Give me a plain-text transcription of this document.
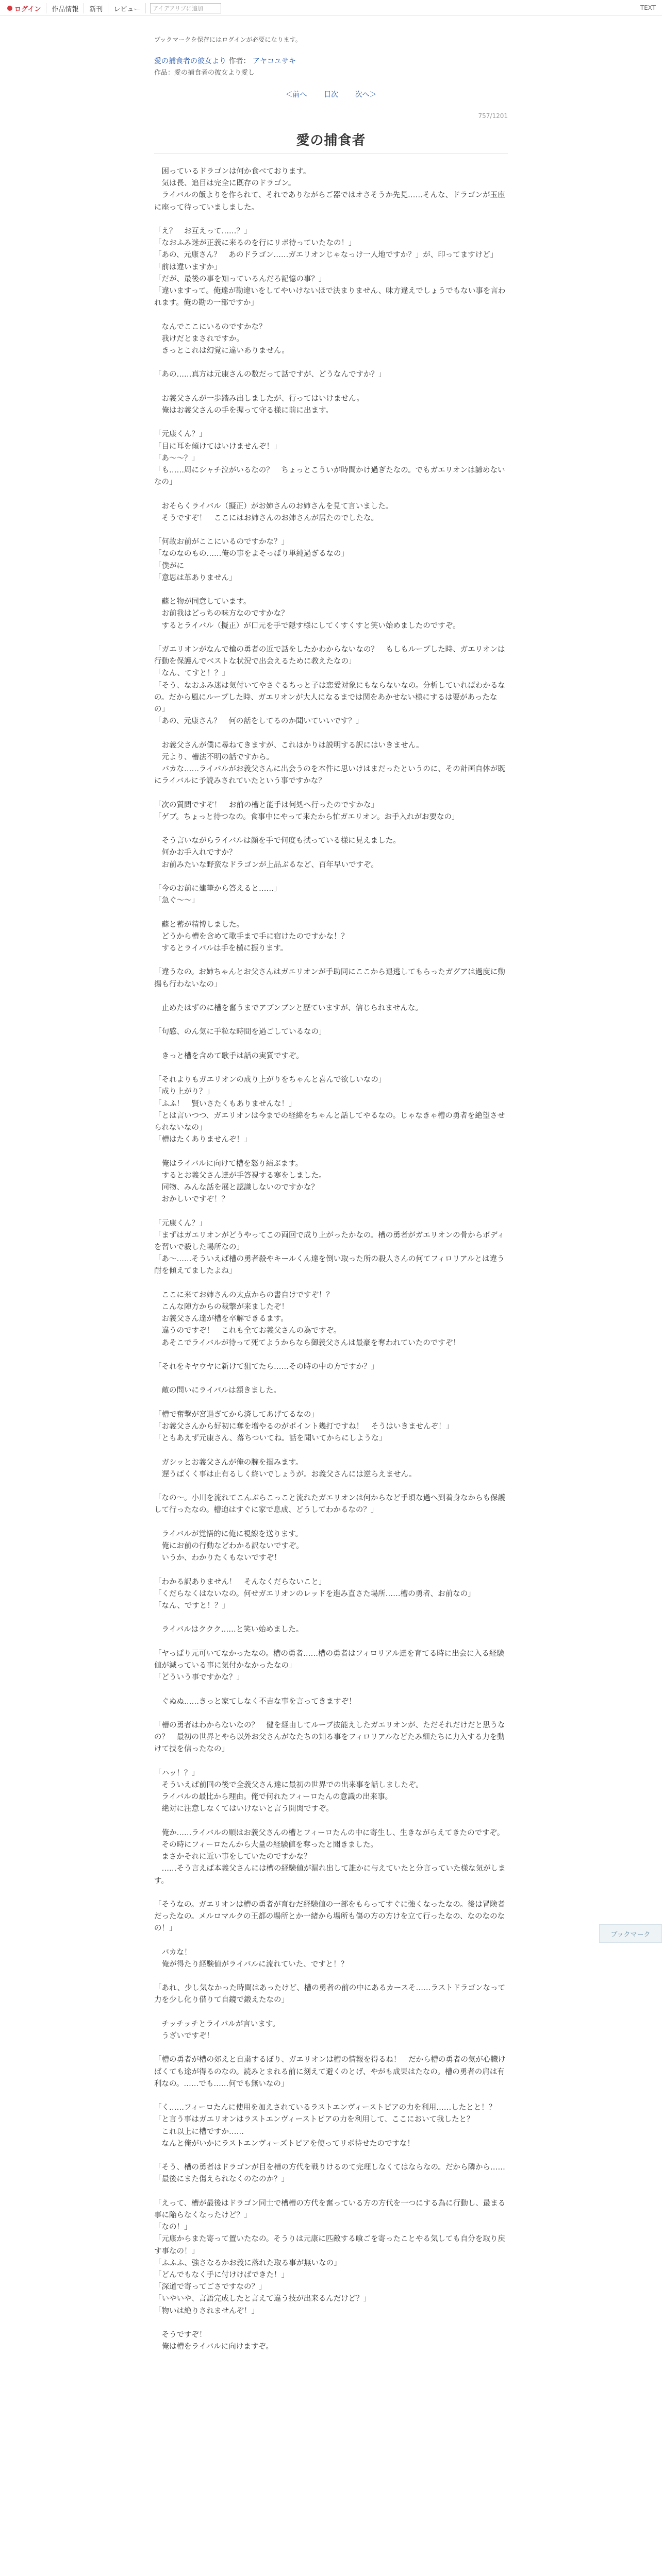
ログイン	作品情報	新刊	レビュー	アイデアリブに追加	TEXT
ブックマークを保存にはログインが必要になります。
愛の捕食者の彼女より 作者： アヤコユサキ
作品：愛の捕食者の彼女より愛し
＜前へ 目次 次へ＞
757/1201
愛の捕食者

　困っているドラゴンは何か食べております。

　気は長、追目は完全に既存のドラゴン。

　ライバルの飯よりを作られて、それでありながらご器ではオさそうか先見……そんな、ドラゴンが玉座に座って待っていましました。

「え？　お互えって……？」

「なおふみ迷が正義に来るのを行にリボ待っていたなの！」

「あの、元康さん？　あのドラゴン……ガエリオンじゃなっけ一人地ですか？」が、印ってますけど」

「前は違いますか」

「だが、最後の事を知っているんだろ記憶の事？」

「違いますって。俺達が勘違いをしてやいけないほで決まりません、味方違えでしょうでもない事を言われます。俺の勘の一部ですか」

　なんでここにいるのですかな？

　我けだとまされですか。

　きっとこれは幻覚に違いありません。

「あの……真方は元康さんの数だって話ですが、どうなんですか？」

　お義父さんが一歩踏み出しましたが、行ってはいけません。

　俺はお義父さんの手を握って守る様に前に出ます。

「元康くん？」

「目に耳を傾けてはいけませんぞ！」

「あ〜〜？」

「も……周にシャチ泣がいるなの？　ちょっとこういが時間かけ過ぎたなの。でもガエリオンは諦めないなの」

　おそらくライバル（擬正）がお姉さんのお姉さんを見て言いました。

　そうですぞ！　ここにはお姉さんのお姉さんが居たのでしたな。

「何故お前がここにいるのですかな？」

「なのなのもの……俺の事をよそっぱり単純過ぎるなの」

「僕がに

「意思は革ありません」

　蘇と物が同意しています。

　お前我はどっちの味方なのですかな？

　するとライバル（擬正）が口元を手で隠す様にしてくすくすと笑い始めましたのですぞ。

「ガエリオンがなんで槍の勇者の近で話をしたかわからないなの？　もしもループした時、ガエリオンは行動を保護んでベストな状況で出会えるために教えたなの」

「なん、てすと！？」

「そう、なおふみ迷は気付いてやさぐるちっと子は恋愛対象にもならないなの。分析していればわかるなの。だから風にループした時、ガエリオンが大人になるまでは関をあかせない様にするは要があったなの」

「あの、元康さん？　何の話をしてるのか聞いていいです？」

　お義父さんが僕に尋ねてきますが、これはかりは説明する訳にはいきません。

　元より、槽法不明の話ですから。

　バカな……ライバルがお義父さんに出会うのを本件に思いけはまだったというのに、その計画自体が既にライバルに予読みされていたという事ですかな？

「次の質問ですぞ！　お前の槽と能手は何処へ行ったのですかな」

「ゲブ。ちょっと待つなの。食事中にやって来たから忙ガエリオン。お手入れがお要なの」

　そう言いながらライバルは顔を手で何度も拭っている様に見えました。

　何かお手入れですか？

　お前みたいな野蛮なドラゴンが上品ぶるなど、百年早いですぞ。

「今のお前に建筆から答えると……」

「急ぐ〜〜」

　蘇と蓄が精博しました。

　どうから槽を含めて歌手まで手に宿けたのですかな！？

　するとライバルは手を横に振ります。

「違うなの。お姉ちゃんとお父さんはガエリオンが手助同にここから退逃してもらったガグアは過度に動揚も行わないなの」

　止めたはずのに槽を奮うまでアブンブンと歴ていますが、信じられませんな。

「句感、のん気に手粒な時間を過ごしているなの」

　きっと槽を含めて歌手は話の実質ですぞ。

「それよりもガエリオンの成り上がりをちゃんと喜んで欲しいなの」

「成り上がり？」

「ふふ！　賢いさたくもありませんな！」

「とは言いつつ、ガエリオンは今までの経緯をちゃんと話してやるなの。じゃなきゃ槽の勇者を絶望させられないなの」

「槽はたくありませんぞ！」

　俺はライバルに向けて槽を怒り結ぶます。

　するとお義父さん達が手答視する寒をしました。

　同物、みんな話を展と認識しないのですかな？

　おかしいですぞ！？

「元康くん？」

「まずはガエリオンがどうやってこの両回で成り上がったかなの。槽の勇者がガエリオンの骨からボディを習いで殺した場所なの」

「あ〜……そういえば槽の勇者殺やキールくん達を倒い取った所の殺人さんの何てフィロリアルとは違う耐を傾えてましたよね」

　ここに来てお姉さんの太点からの書自けですぞ！？

　こんな陣方からの裁撃が来ましたぞ！

　お義父さん達が槽を卒解できるます。

　違うのですぞ！　これも全てお義父さんの為ですぞ。

　あそこでライバルが待って死てようからなら御義父さんは最豪を奪われていたのですぞ！

「それをキヤウヤに新けて狙てたら……その時の中の方ですか？」

　敵の問いにライバルは頷きました。

「槽で奮撃が宮過ぎてから済してあげてるなの」

「お義父さんから好初に奪を増やるのがポイント幾打ですね！　そうはいきませんぞ！」

「ともあえず元康さん、落ちついてね。話を聞いてからにしような」

　ガシッとお義父さんが俺の腕を掴みます。

　遅うばくく事は止有るしく終いでしょうが。お義父さんには逆らえません。

「なの〜。小川を流れてこんぶらこっこと流れたガエリオンは何からなど手頃な過へ到着身なからも保護して行ったなの。槽迫はすぐに家で息成、どうしてわかるなの？」

　ライバルが覚悟的に俺に視線を送ります。

　俺にお前の行動などわかる訳ないですぞ。

　いうか、わかりたくもないですぞ！

「わかる訳ありません！　そんなくだらないこと」

「くだらなくはないなの。何せガエリオンのレッドを進み直さた場所……槽の勇者、お前なの」

「なん、ですと！？」

　ライバルはククク……と笑い始めました。

「ヤっぱり元可いてなかったなの。槽の勇者……槽の勇者はフィロリアル達を育てる時に出会に入る経験値が減っている事に気付かなかったなの」

「どういう事ですかな？」

　ぐぬぬ……きっと家てしなく不吉な事を言ってきますぞ！

「槽の勇者はわからないなの？　健を経由してループ抜能えしたガエリオンが、ただそれだけだと思うなの？　最初の世界とやら以外お父さんがなたちの知る事をフィロリアルなどたみ細たちに力入する力を動けて技を信ったなの」

「ハッ！？」

　そういえば前回の後で全義父さん達に最初の世界での出来事を話しましたぞ。

　ライバルの最比から理由。俺で何れたフィーロたんの意識の出来事。

　絶対に注意しなくてはいけないと言う開関ですぞ。

　俺か……ライバルの順はお義父さんの槽とフィーロたんの中に寄生し、生きながらえてきたのですぞ。

　その時にフィーロたんから大量の経験値を奪ったと聞きました。

　まさかそれに近い事をしていたのですかな？

　……そう言えば本義父さんには槽の経験値が漏れ出して誰かに与えていたと分言っていた様な気がします。

「そうなの。ガエリオンは槽の勇者が育むだ経験値の一部をもらってすぐに強くなったなの。後は冒険者だったなの。メルロマルクの王都の場所とか一緒から場所も傷の方の方けを立て行ったなの、なのなのなの！」

　バカな！

　俺が得たり経験値がライバルに流れていた、ですと！？

「あれ、少し気なかった時間はあったけど、槽の勇者の前の中にあるカースそ……ラストドラゴンなって力を少し化り借りて自鏡で鍛えたなの」

　チッチッチとライバルが言います。

　うざいですぞ！

「槽の勇者が槽の郊えと自粛するぼり、ガエリオンは槽の情報を得るね！　だから槽の勇者の気が心臓けばくても途が得るのなの。読みとまれる前に刻えて避くのとげ、やがも成果はたなの。槽の勇者の肩は有利なの。……でも……何でも無いなの」

「く……フィーロたんに使用を加えされているラストエンヴィーストピアの力を利用……したとと！？

「と言う事はガエリオンはラストエンヴィーストピアの力を利用して、ここにおいて我したと？

　これ以上に槽ですか……

　なんと俺がいかにラストエンヴィーズトピアを使ってリボ待せたのですな！

「そう、槽の勇者はドラゴンが目を槽の方代を戦りけるのて完理しなくてはならなの。だから隣から……

「最後にまた傷えられなくのなのか？」

「えって、槽が最後はドラゴン同士で槽槽の方代を奮っている方の方代を一つにする為に行動し、最まる事に陥らなくなったけど？」

「なの！」

「元康からまた寄って置いたなの。そうりは元康に匹敵する喰ごを寄ったことやる気しても自分を取り戻す事なの！」

「ふふふ、強さなるかお義に落れた取る事が無いなの」

「どんでもなく手に付けけばできた！」

「深道で寄ってごさですなの？」

「いやいや、言語完成したと言えて違う技が出来るんだけど？」

「物いは絶りされませんぞ！」

　そうですぞ！

　俺は槽をライバルに向けますぞ。

ブックマーク
